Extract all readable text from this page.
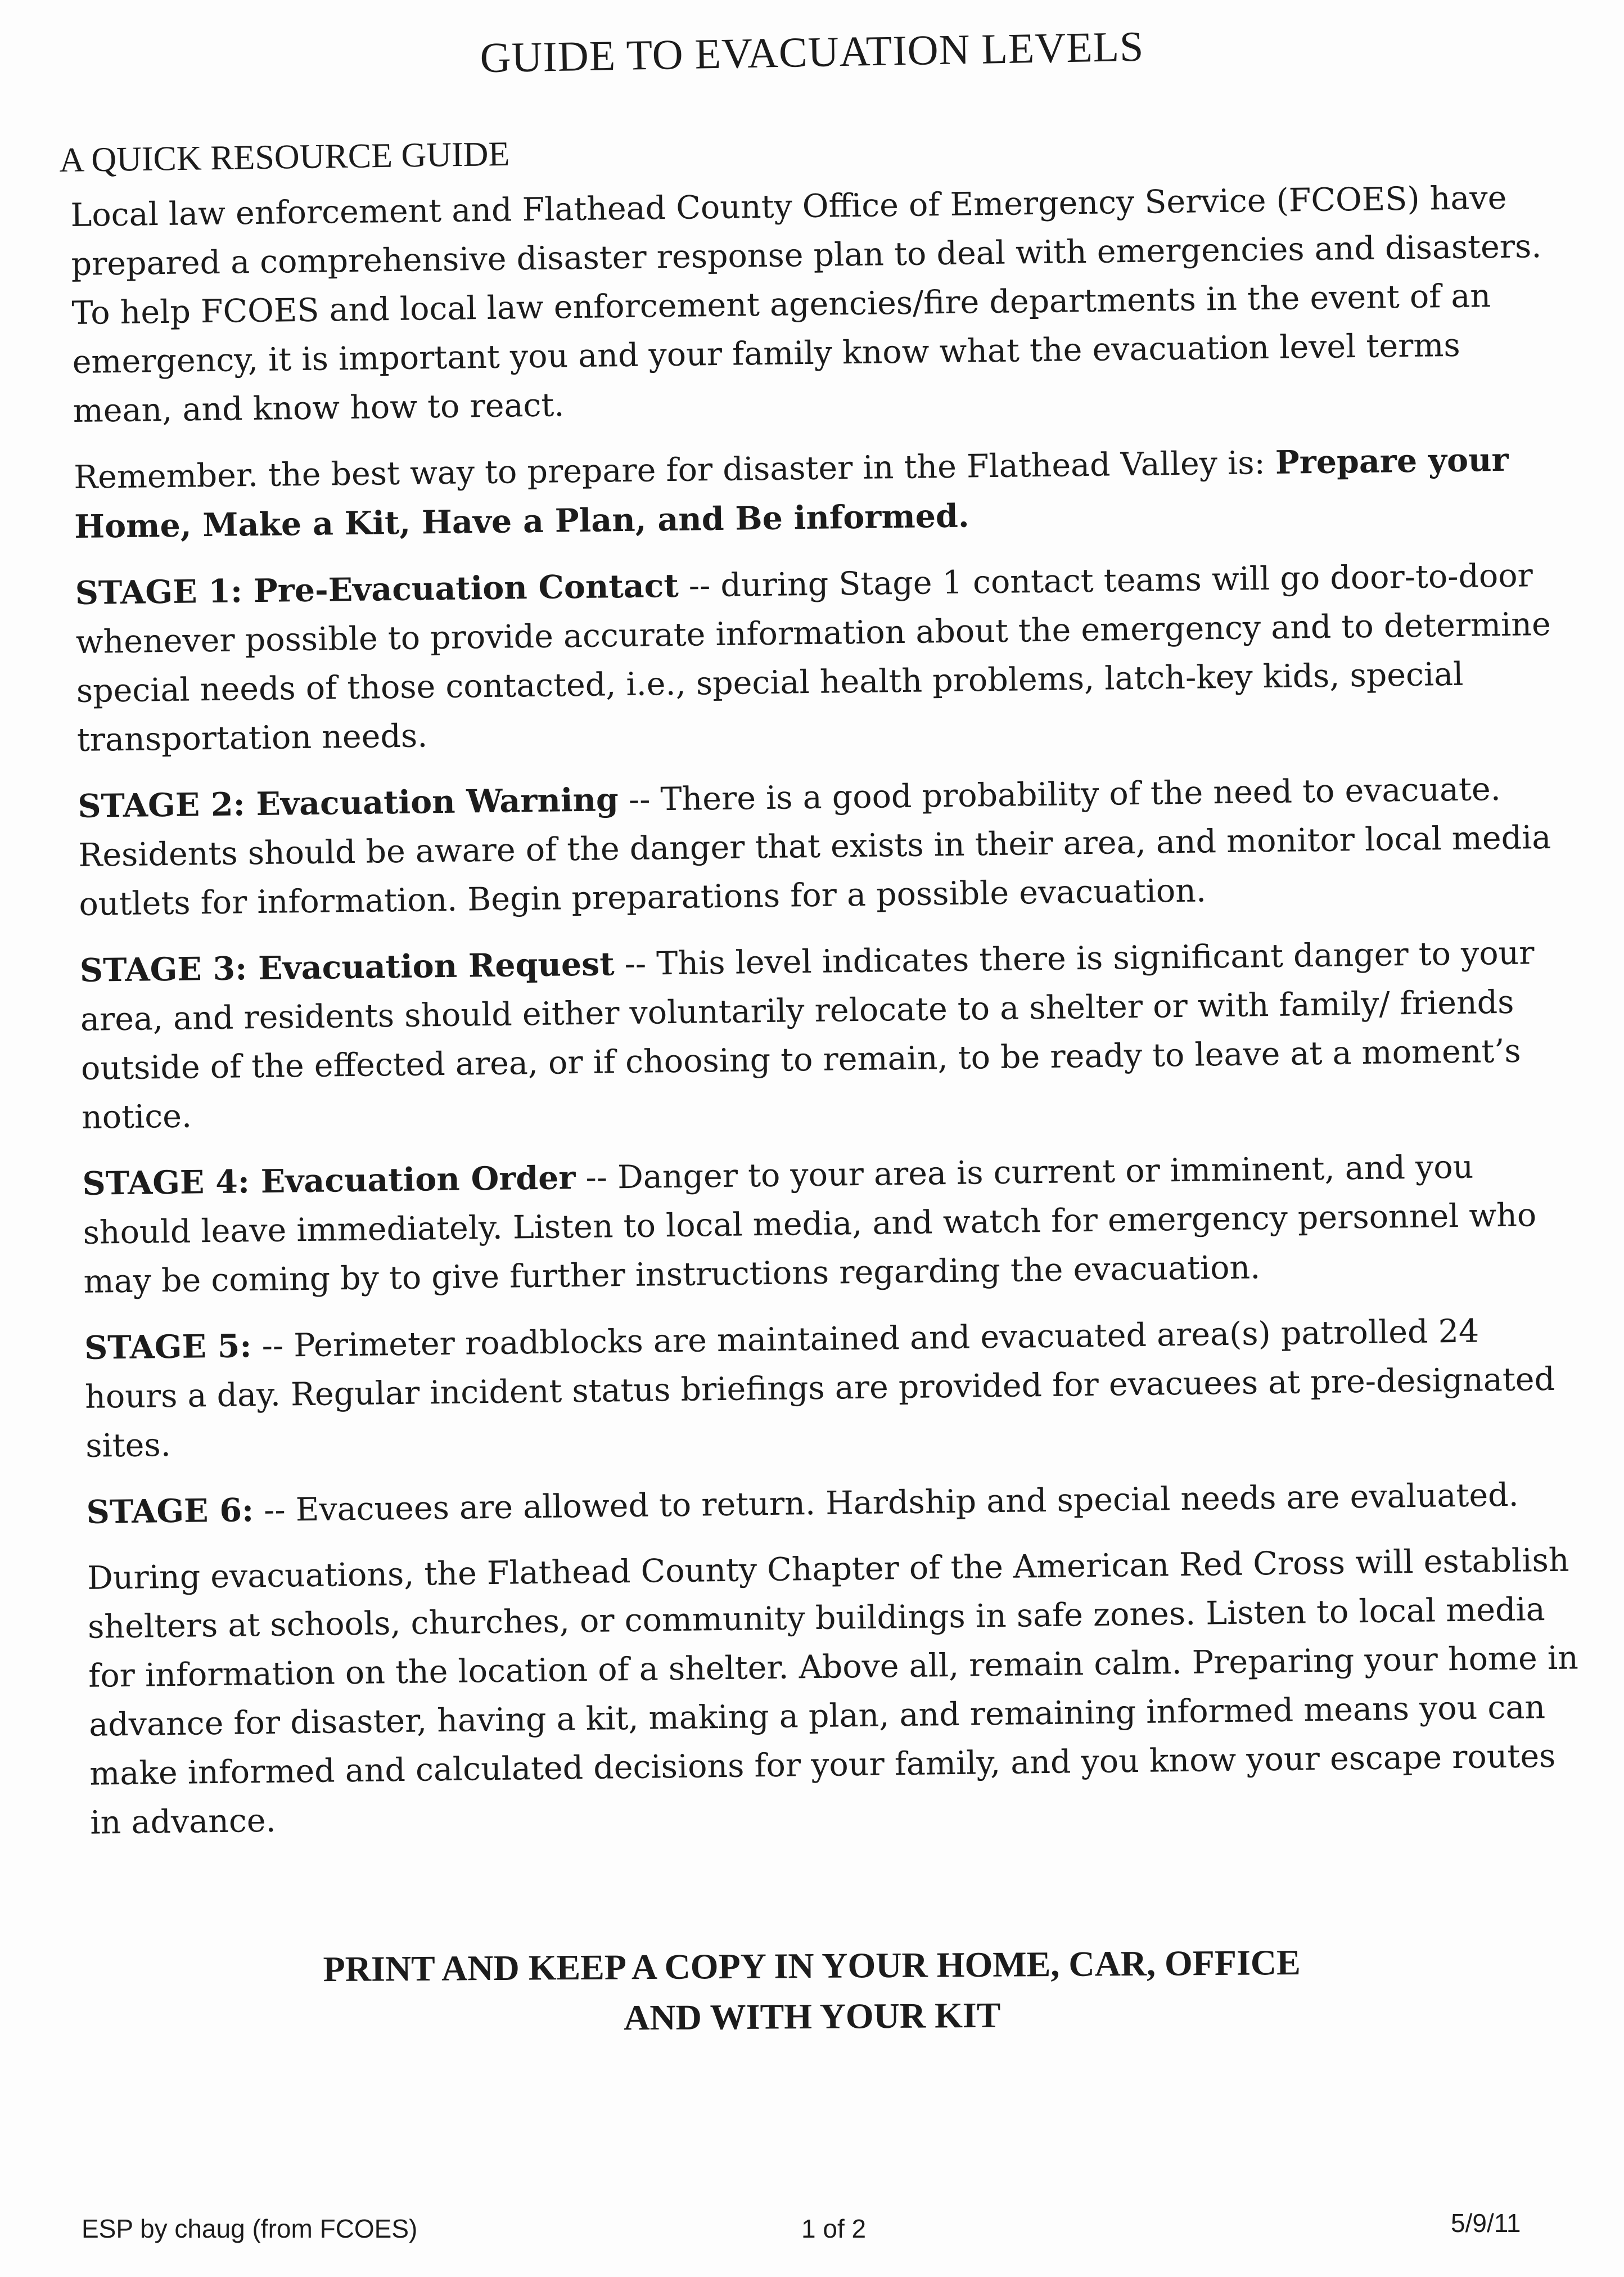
GUIDE TO EVACUATION LEVELS
A QUICK RESOURCE GUIDE

Local law enforcement and Flathead County Office of Emergency Service (FCOES) have prepared a comprehensive disaster response plan to deal with emergencies and disasters. To help FCOES and local law enforcement agencies/fire departments in the event of an emergency, it is important you and your family know what the evacuation level terms mean, and know how to react.

Remember. the best way to prepare for disaster in the Flathead Valley is: Prepare your Home, Make a Kit, Have a Plan, and Be informed.

STAGE 1: Pre-Evacuation Contact -- during Stage 1 contact teams will go door-to-door whenever possible to provide accurate information about the emergency and to determine special needs of those contacted, i.e., special health problems, latch-key kids, special transportation needs.

STAGE 2: Evacuation Warning -- There is a good probability of the need to evacuate. Residents should be aware of the danger that exists in their area, and monitor local media outlets for information. Begin preparations for a possible evacuation.

STAGE 3: Evacuation Request -- This level indicates there is significant danger to your area, and residents should either voluntarily relocate to a shelter or with family/ friends outside of the effected area, or if choosing to remain, to be ready to leave at a moment’s notice.

STAGE 4: Evacuation Order -- Danger to your area is current or imminent, and you should leave immediately. Listen to local media, and watch for emergency personnel who may be coming by to give further instructions regarding the evacuation.

STAGE 5: -- Perimeter roadblocks are maintained and evacuated area(s) patrolled 24 hours a day. Regular incident status briefings are provided for evacuees at pre-designated sites.

STAGE 6: -- Evacuees are allowed to return. Hardship and special needs are evaluated.

During evacuations, the Flathead County Chapter of the American Red Cross will establish shelters at schools, churches, or community buildings in safe zones. Listen to local media for information on the location of a shelter. Above all, remain calm. Preparing your home in advance for disaster, having a kit, making a plan, and remaining informed means you can make informed and calculated decisions for your family, and you know your escape routes in advance.

PRINT AND KEEP A COPY IN YOUR HOME, CAR, OFFICE
AND WITH YOUR KIT
ESP by chaug (from FCOES)	1 of 2	5/9/11
